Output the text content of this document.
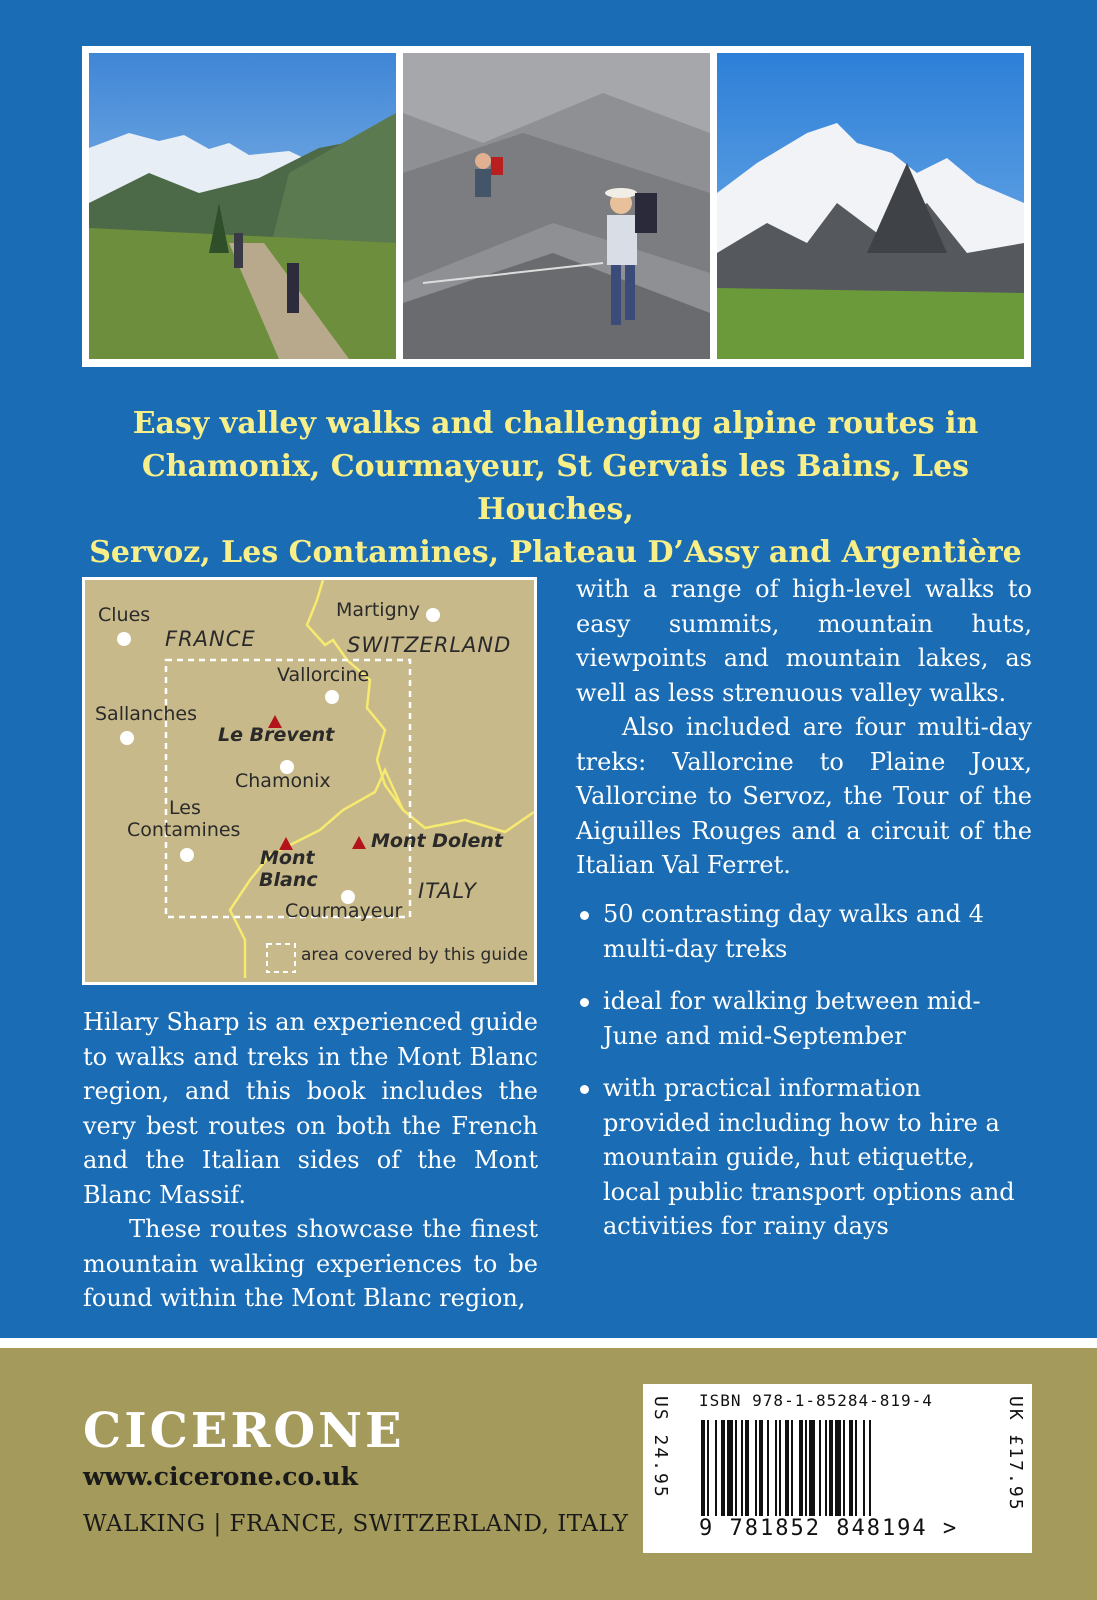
Easy valley walks and challenging alpine routes in
Chamonix, Courmayeur, St Gervais les Bains, Les Houches,
Servoz, Les Contamines, Plateau D’Assy and Argentière
Clues
FRANCE
Martigny
SWITZERLAND
Vallorcine
Sallanches
Le Brevent
Chamonix
Les
Contamines	Mont Dolent
Mont
Blanc	ITALY
Courmayeur
area covered by this guide

Hilary Sharp is an experienced guide to walks and treks in the Mont Blanc region, and this book includes the very best routes on both the French and the Italian sides of the Mont Blanc Massif.

These routes showcase the finest mountain walking experiences to be found within the Mont Blanc region,

with a range of high-level walks to easy summits, mountain huts, viewpoints and mountain lakes, as well as less strenuous valley walks.

Also included are four multi-day treks: Vallorcine to Plaine Joux, Vallorcine to Servoz, the Tour of the Aiguilles Rouges and a circuit of the Italian Val Ferret.

50 contrasting day walks and 4 multi-day treks
ideal for walking between mid-June and mid-September
with practical information provided including how to hire a mountain guide, hut etiquette, local public transport options and activities for rainy days
CICERONE
www.cicerone.co.uk
WALKING | FRANCE, SWITZERLAND, ITALY
US 24.95 ISBN 978-1-85284-819-4
9 781852 848194 >
UK £17.95
